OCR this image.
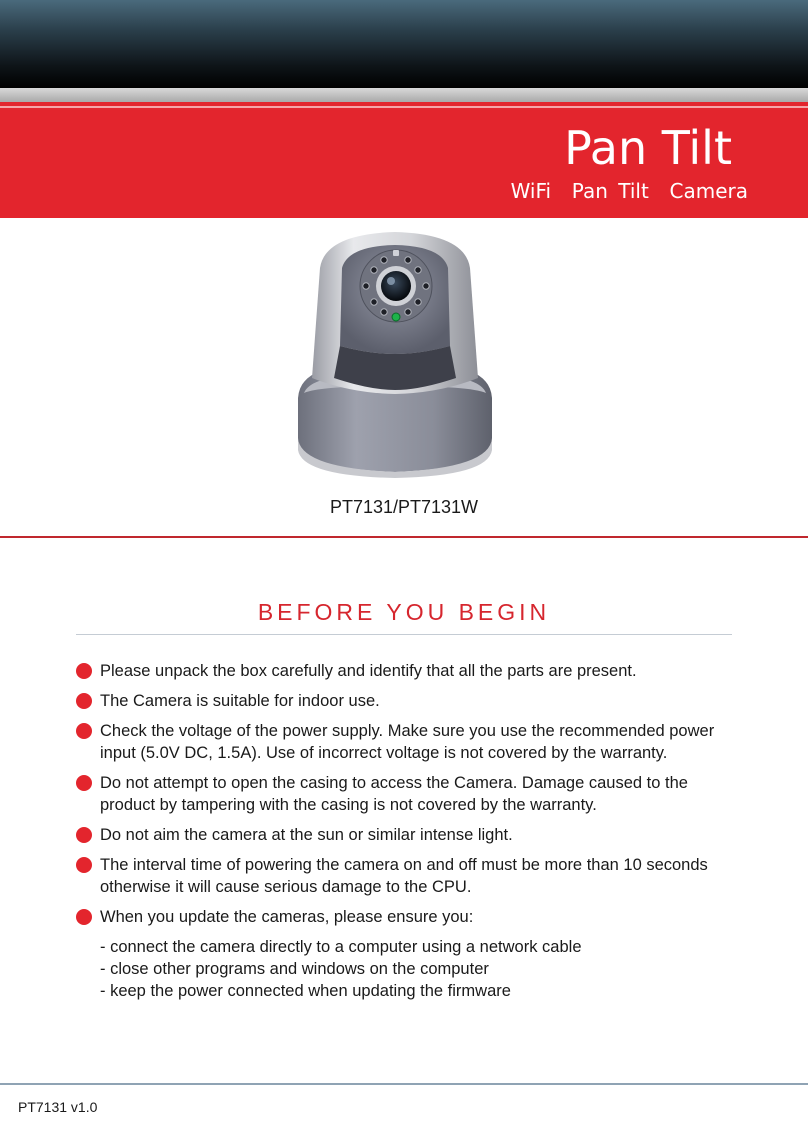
Pan Tilt
WiFi  Pan Tilt  Camera
PT7131/PT7131W
BEFORE YOU BEGIN
Please unpack the box carefully and identify that all the parts are present.
The Camera is suitable for indoor use.
Check the voltage of the power supply. Make sure you use the recommended power input (5.0V DC, 1.5A). Use of incorrect voltage is not covered by the warranty.
Do not attempt to open the casing to access the Camera. Damage caused to the product by tampering with the casing is not covered by the warranty.
Do not aim the camera at the sun or similar intense light.
The interval time of powering the camera on and off must be more than 10 seconds otherwise it will cause serious damage to the CPU.
When you update the cameras, please ensure you:
- connect the camera directly to a computer using a network cable
- close other programs and windows on the computer
- keep the power connected when updating the firmware
PT7131 v1.0
